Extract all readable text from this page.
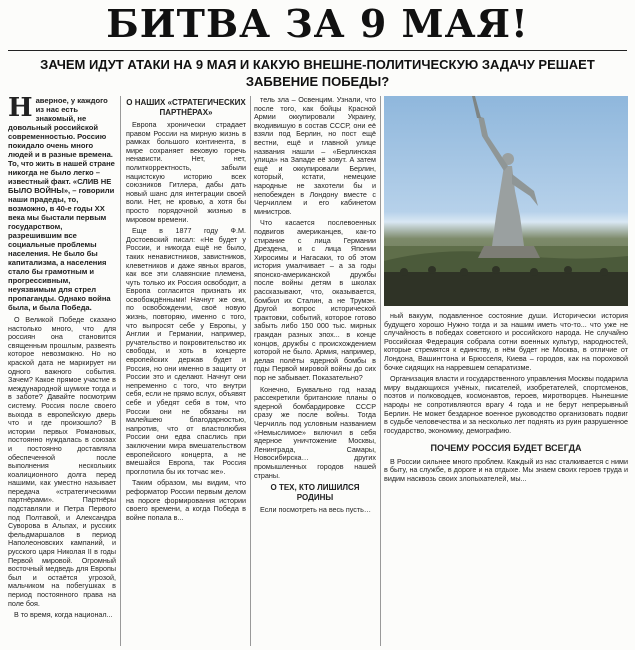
БИТВА ЗА 9 МАЯ!
ЗАЧЕМ ИДУТ АТАКИ НА 9 МАЯ И КАКУЮ ВНЕШНЕ-ПОЛИТИЧЕСКУЮ ЗАДАЧУ РЕШАЕТ ЗАБВЕНИЕ ПОБЕДЫ?
Наверное, у каждого из нас есть знакомый, не довольный российской современностью. Россию покидало очень много людей и в разные времена. То, что жить в нашей стране никогда не было легко – известный факт. «СЛИВ НЕ БЫЛО ВОЙНЫ», – говорили наши прадеды, то, возможно, в 40-е годы XX века мы быстали первым государством, разрешившим все социальные проблемы населения. Не было бы капитализма, а населения стало бы грамотным и прогрессивным, неуязвимым для стрел пропаганды. Однако война была, и была Победа.

О Великой Победе сказано настолько много, что для россиян она становится священным прошлым, развеять которое невозможно. Но но краской дата не маркирует ни одного важного события. Зачем? Какое прямое участие в международной шумихе тогда и в заботе? Давайте посмотрим систему. Россия после своего выхода в европейскую дверь что и где произошло? В истории первых Романовых, постоянно нуждалась в союзах и постоянно доставляла обеспеченной после выполнения нескольких коалиционного долга перед нашими, как уместно называет передача «стратегическими партнёрами». Партнёры подставляли и Петра Первого под Полтавой, и Александра Суворова в Альпах, и русских фельдмаршалов в период Наполеоновских кампаний, и русского царя Николая II в годы Первой мировой. Огромный восточный медведь для Европы был и остаётся угрозой, мальчиком на побегушках в период постоянного права на поле боя.

В то время, когда национал...

О НАШИХ «СТРАТЕГИЧЕСКИХ ПАРТНЁРАХ»

Европа хронически страдает правом России на мирную жизнь в рамках большого континента, в мире сохраняет вековую горечь ненависти. Нет, нет, политкорректность, забыли нацистскую историю всех союзников Гитлера, дабы дать новый шанс для интеграции своей воли. Нет, не кровью, а хотя бы просто порядочной жизнью в мировом времени.

Еще в 1877 году Ф.М. Достоевский писал: «Не будет у России, и никогда ещё не было, таких ненавистников, завистников, клеветников и даже явных врагов, как все эти славянские племена, чуть только их Россия освободит, а Европа согласится признать их освобождёнными! Начнут же они, по освобождении, своё новую жизнь, повторяю, именно с того, что выпросят себе у Европы, у Англии и Германии, например, ручательство и покровительство их свободы, и хоть в концерте европейских держав будет и Россия, но они именно в защиту от России это и сделают. Начнут они непременно с того, что внутри себя, если не прямо вслух, объявят себе и убедят себя в том, что России они не обязаны ни малейшею благодарностью, напротив, что от властолюбия России они едва спаслись при заключении мира вмешательством европейского концерта, а не вмешайся Европа, так Россия проглотила бы их тотчас же».

Таким образом, мы видим, что реформатор России первым делом на пороге формирования истории своего времени, а когда Победа в войне попала в...

тель зла – Освенцим. Узнали, что после того, как бойцы Красной Армии оккупировали Украину, вкодивишую в состав СССР, они её взяли под Берлин, но пост ещё вестни, ещё и главной улице названия нашли – «Берлинская улица» на Западе её зовут. А затем ещё и оккупировали Берлин, который, кстати, немецкие народные не захотели бы и непобежден в Лондону вместе с Черчиллем и его кабинетом министров.

Что касается послевоенных подвигов американцев, как-то стирание с лица Германии Дрездена, и с лица Японии Хиросимы и Нагасаки, то об этом история умалчивает – а за годы японско-американской дружбы после войны детям в школах рассказывают, что, оказывается, бомбил их Сталин, а не Трумэн. Другой вопрос исторической трактовки, событий, которое готово забыть либо 150 000 тыс. мирных граждан разных эпох... в конце концов, дружбы с происхождением которой не было. Армия, например, делая полёты ядерной бомбы в годы Первой мировой войны до сих пор не забывает. Показательно?

Конечно, Буквально год назад рассекретили британские планы о ядерной бомбардировке СССР сразу же после войны. Тогда Черчилль под условным названием «Немыслимое» включил в себя ядерное уничтожение Москвы, Ленинграда, Самары, Новосибирска… других промышленных городов нашей страны.

О ТЕХ, КТО ЛИШИЛСЯ РОДИНЫ

Если посмотреть на весь пусть…

ный вакуум, подавленное состояние души. Исторически история будущего хорошо Нужно тогда и за нашим иметь что-то... что уже не случайность в победах советского и российского народа. Не случайно Российская Федерация собрала сотни военных культур, народностей, которые стремятся к единству, в нём будет не Москва, в отличие от Лондона, Вашингтона и Брюсселя, Киева – городов, как на пороховой бочке сидящих на нарревшем сепаратизме.

Организация власти и государственного управления Москвы подарила миру выдающихся учёных, писателей, изобретателей, спортсменов, поэтов и полководцев, космонавтов, героев, миротворцев. Нынешние народы не сопротивляются врагу 4 года и не берут непрерывный Берлин. Не может бездарное военное руководство организовать подвиг в судьбе человечества и за несколько лет поднять из руин разрушенное государство, экономику, демографию.

ПОЧЕМУ РОССИЯ БУДЕТ ВСЕГДА

В России сильнее много проблем. Каждый из нас сталкивается с ними в быту, на службе, в дороге и на отдыхе. Мы знаем своих героев труда и видим насквозь своих злопыхателей, мы...
